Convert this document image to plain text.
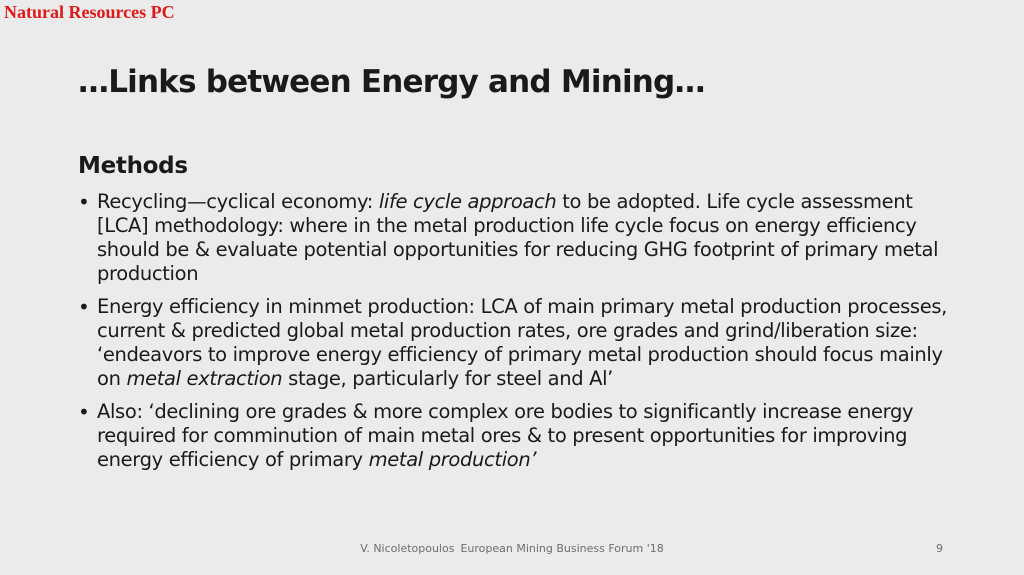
Natural Resources PC
…Links between Energy and Mining…
Methods
• Recycling—cyclical economy: life cycle approach to be adopted. Life cycle assessment [LCA] methodology: where in the metal production life cycle focus on energy efficiency should be & evaluate potential opportunities for reducing GHG footprint of primary metal production
• Energy efficiency in minmet production: LCA of main primary metal production processes, current & predicted global metal production rates, ore grades and grind/liberation size: ‘endeavors to improve energy efficiency of primary metal production should focus mainly on metal extraction stage, particularly for steel and Al’
• Also: ‘declining ore grades & more complex ore bodies to significantly increase energy required for comminution of main metal ores & to present opportunities for improving energy efficiency of primary metal production’
V. Nicoletopoulos European Mining Business Forum '18	9
